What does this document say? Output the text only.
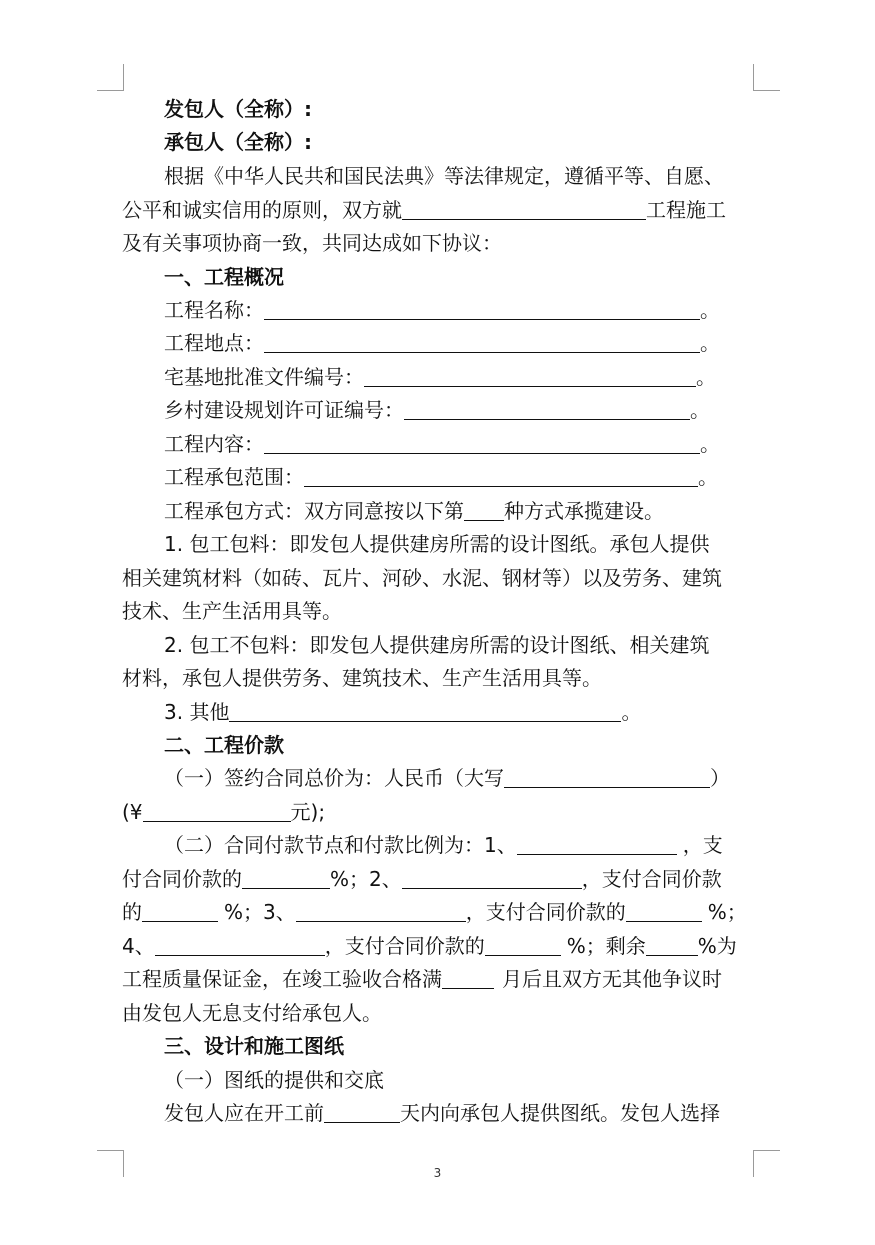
发包人（全称）:
承包人（全称）:
根据《中华人民共和国民法典》等法律规定，遵循平等、自愿、
公平和诚实信用的原则，双方就	工程施工
及有关事项协商一致，共同达成如下协议：
一、工程概况
工程名称：	。
工程地点：	。
宅基地批准文件编号：	。
乡村建设规划许可证编号：	。
工程内容：	。
工程承包范围：	。
工程承包方式：双方同意按以下第 种方式承揽建设。
1. 包工包料：即发包人提供建房所需的设计图纸。承包人提供
相关建筑材料（如砖、瓦片、河砂、水泥、钢材等）以及劳务、建筑
技术、生产生活用具等。
2. 包工不包料：即发包人提供建房所需的设计图纸、相关建筑
材料，承包人提供劳务、建筑技术、生产生活用具等。
3. 其他	。
二、工程价款
（一）签约合同总价为：人民币（大写	）
(¥	元);
（二）合同付款节点和付款比例为：1、	，支
付合同价款的	%；2、	，支付合同价款
的	%；3、	，支付合同价款的	%；
4、	，支付合同价款的	%；剩余	%为
工程质量保证金，在竣工验收合格满	月后且双方无其他争议时
由发包人无息支付给承包人。
三、设计和施工图纸
（一）图纸的提供和交底
发包人应在开工前	天内向承包人提供图纸。发包人选择
3
